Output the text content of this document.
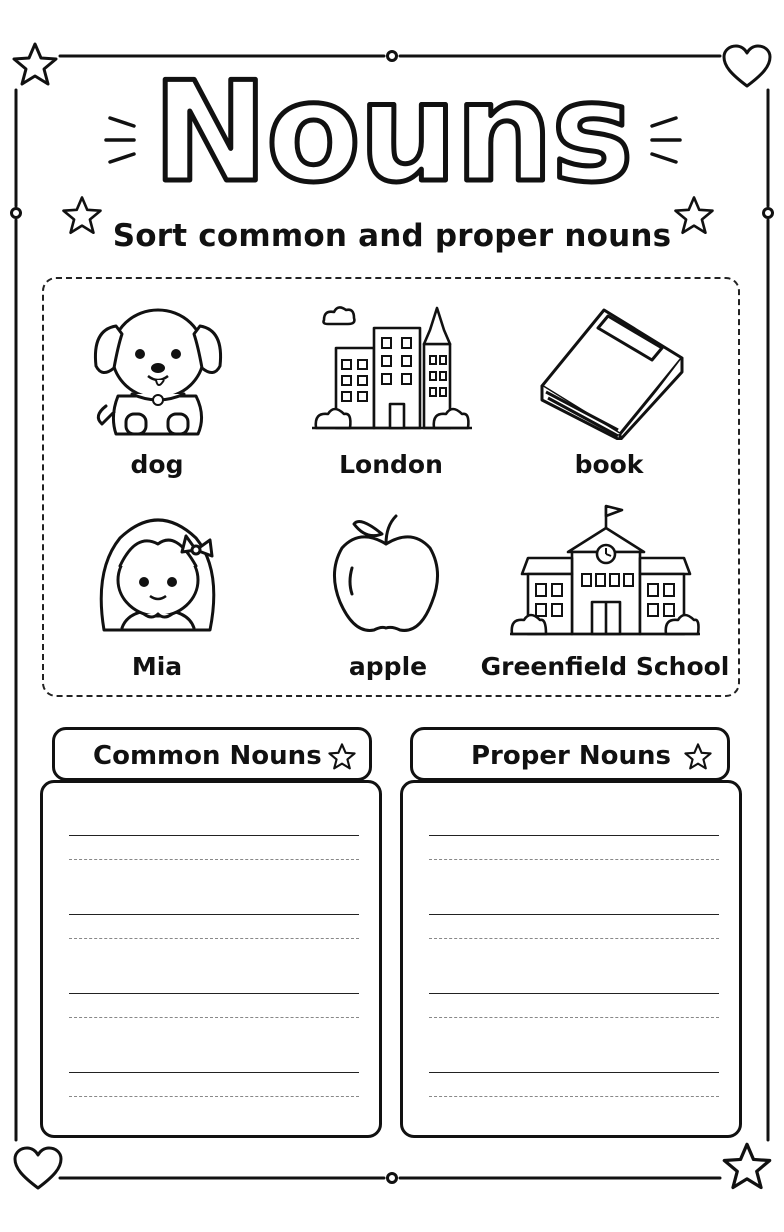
Nouns
Sort common and proper nouns
dog	London	book
Mia	apple	Greenfield School
Common Nouns	Proper Nouns
